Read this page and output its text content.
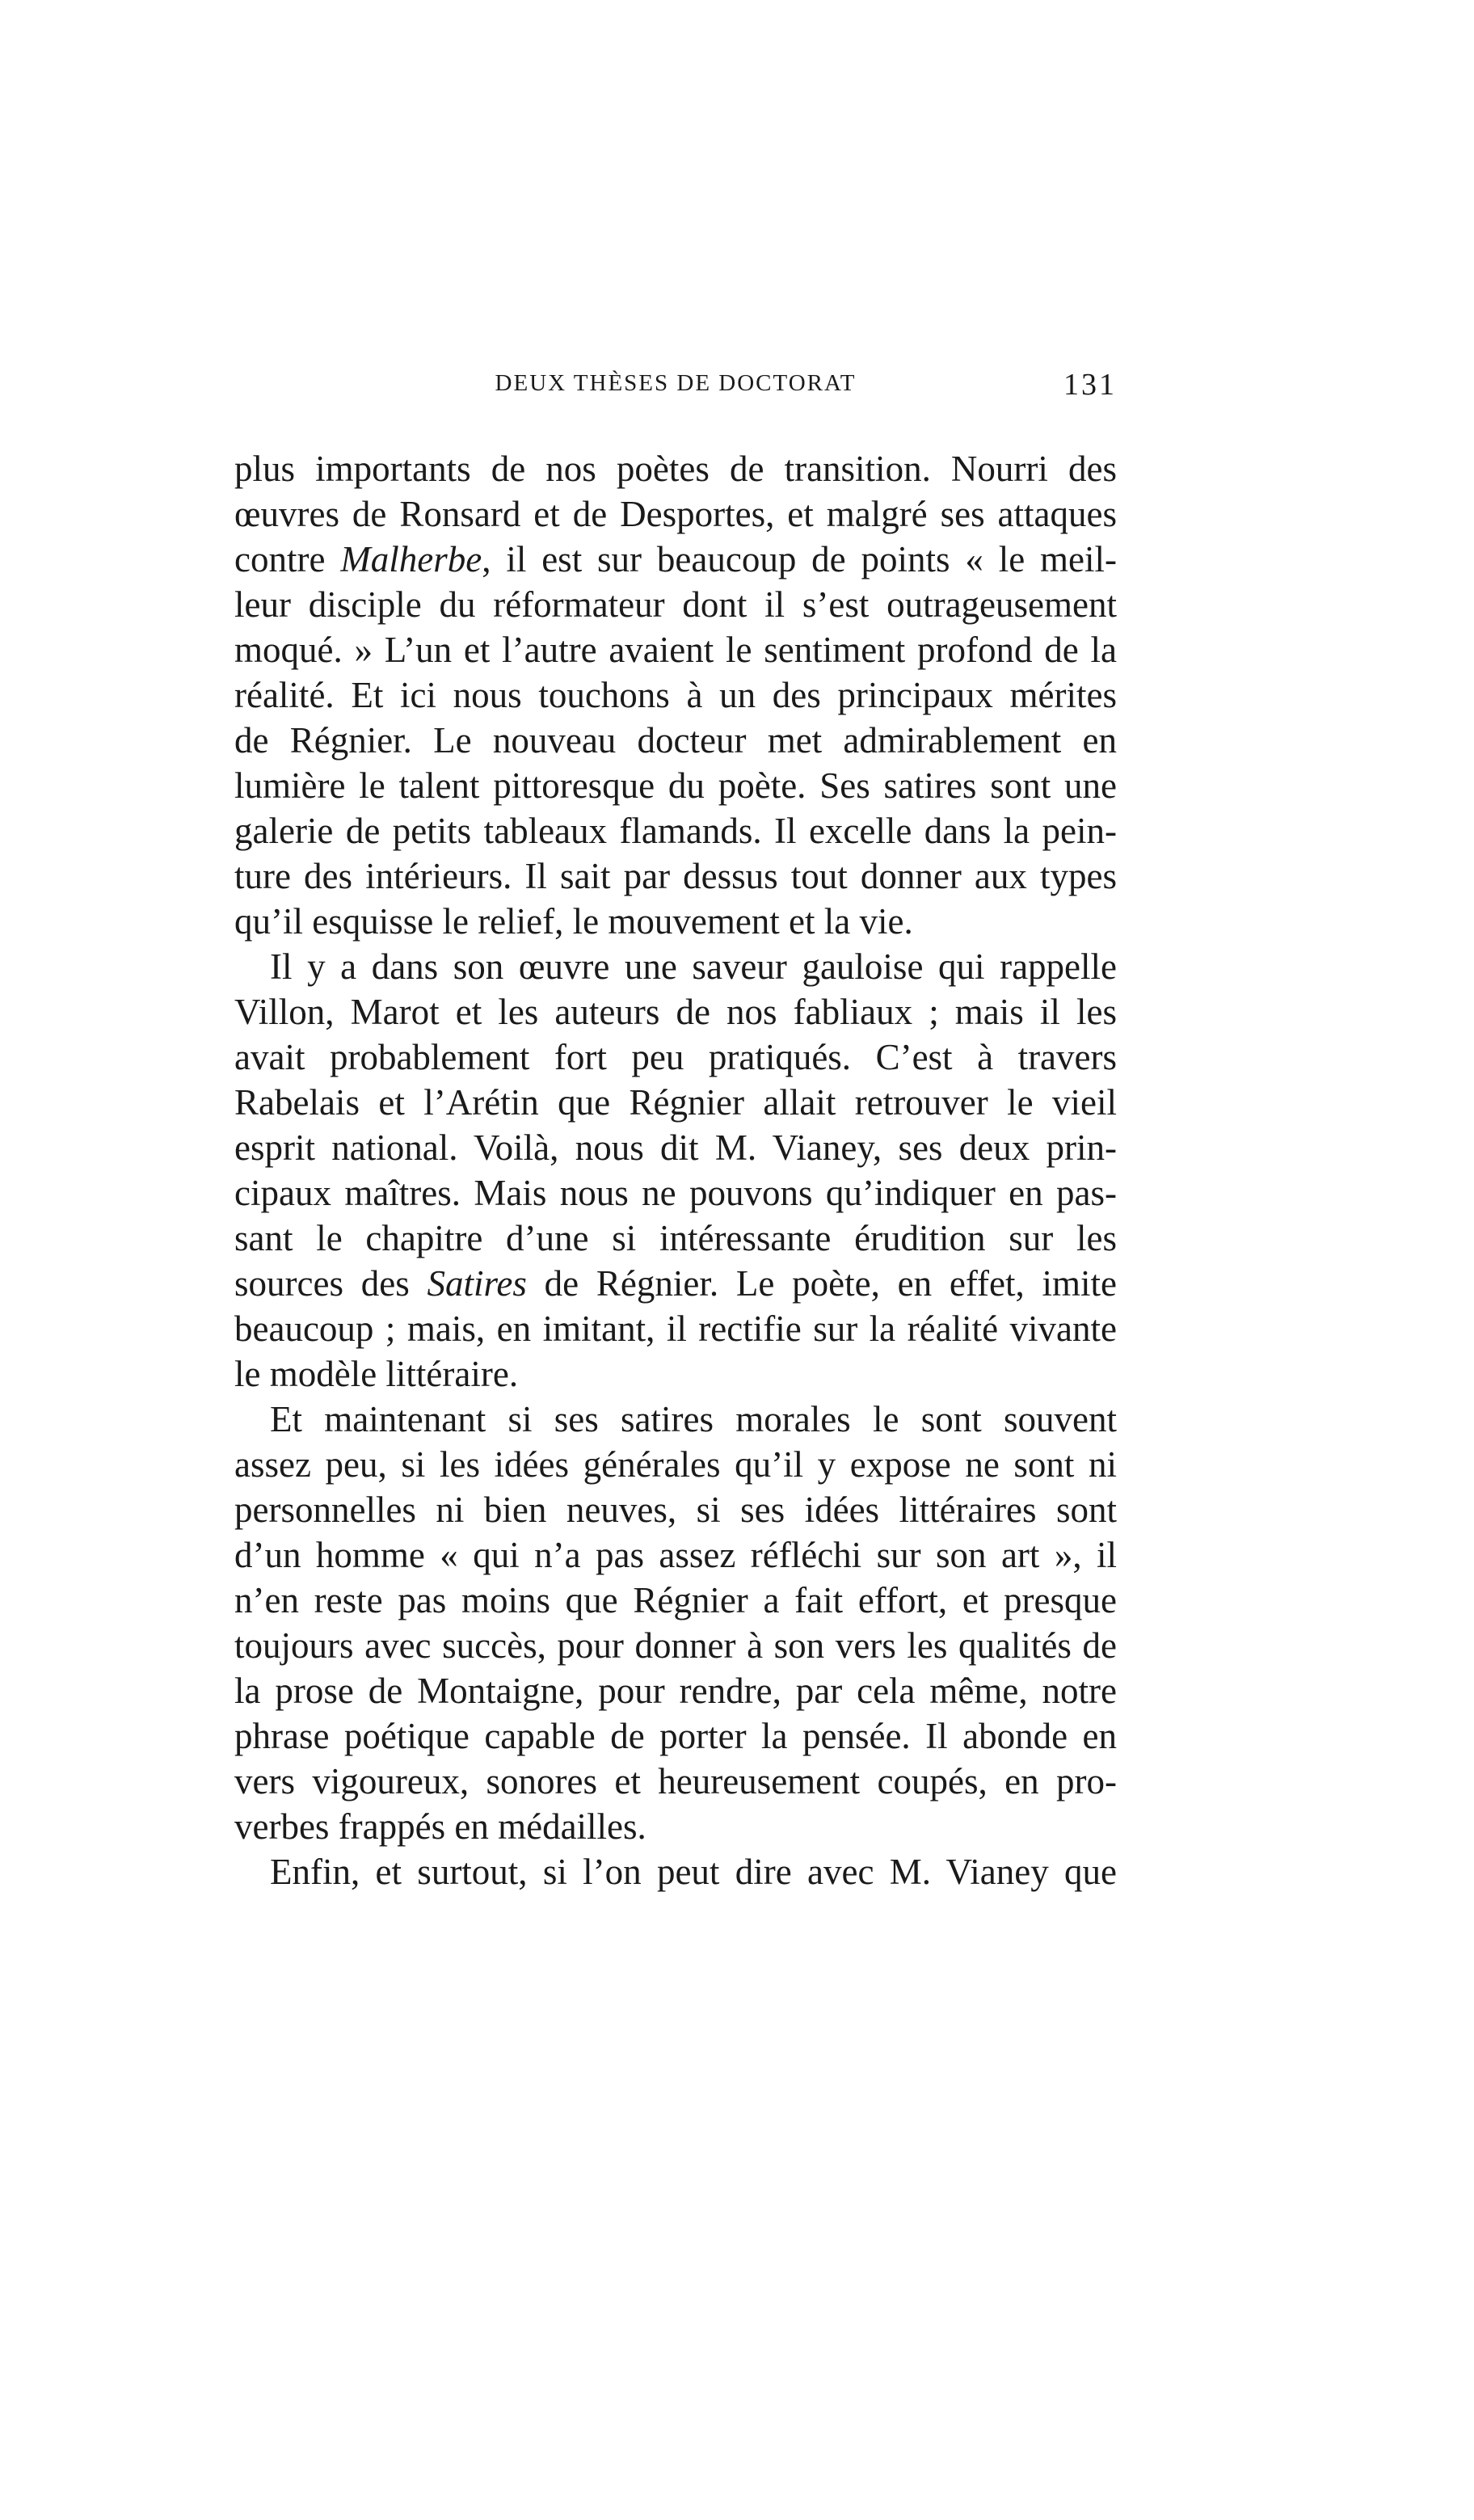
DEUX THÈSES DE DOCTORAT	131
plus importants de nos poètes de transition. Nourri des
œuvres de Ronsard et de Desportes, et malgré ses attaques
contre Malherbe, il est sur beaucoup de points « le meil-
leur disciple du réformateur dont il s’est outrageusement
moqué. » L’un et l’autre avaient le sentiment profond de la
réalité. Et ici nous touchons à un des principaux mérites
de Régnier. Le nouveau docteur met admirablement en
lumière le talent pittoresque du poète. Ses satires sont une
galerie de petits tableaux flamands. Il excelle dans la pein-
ture des intérieurs. Il sait par dessus tout donner aux types
qu’il esquisse le relief, le mouvement et la vie.
Il y a dans son œuvre une saveur gauloise qui rappelle
Villon, Marot et les auteurs de nos fabliaux ; mais il les
avait probablement fort peu pratiqués. C’est à travers
Rabelais et l’Arétin que Régnier allait retrouver le vieil
esprit national. Voilà, nous dit M. Vianey, ses deux prin-
cipaux maîtres. Mais nous ne pouvons qu’indiquer en pas-
sant le chapitre d’une si intéressante érudition sur les
sources des Satires de Régnier. Le poète, en effet, imite
beaucoup ; mais, en imitant, il rectifie sur la réalité vivante
le modèle littéraire.
Et maintenant si ses satires morales le sont souvent
assez peu, si les idées générales qu’il y expose ne sont ni
personnelles ni bien neuves, si ses idées littéraires sont
d’un homme « qui n’a pas assez réfléchi sur son art », il
n’en reste pas moins que Régnier a fait effort, et presque
toujours avec succès, pour donner à son vers les qualités de
la prose de Montaigne, pour rendre, par cela même, notre
phrase poétique capable de porter la pensée. Il abonde en
vers vigoureux, sonores et heureusement coupés, en pro-
verbes frappés en médailles.
Enfin, et surtout, si l’on peut dire avec M. Vianey que
